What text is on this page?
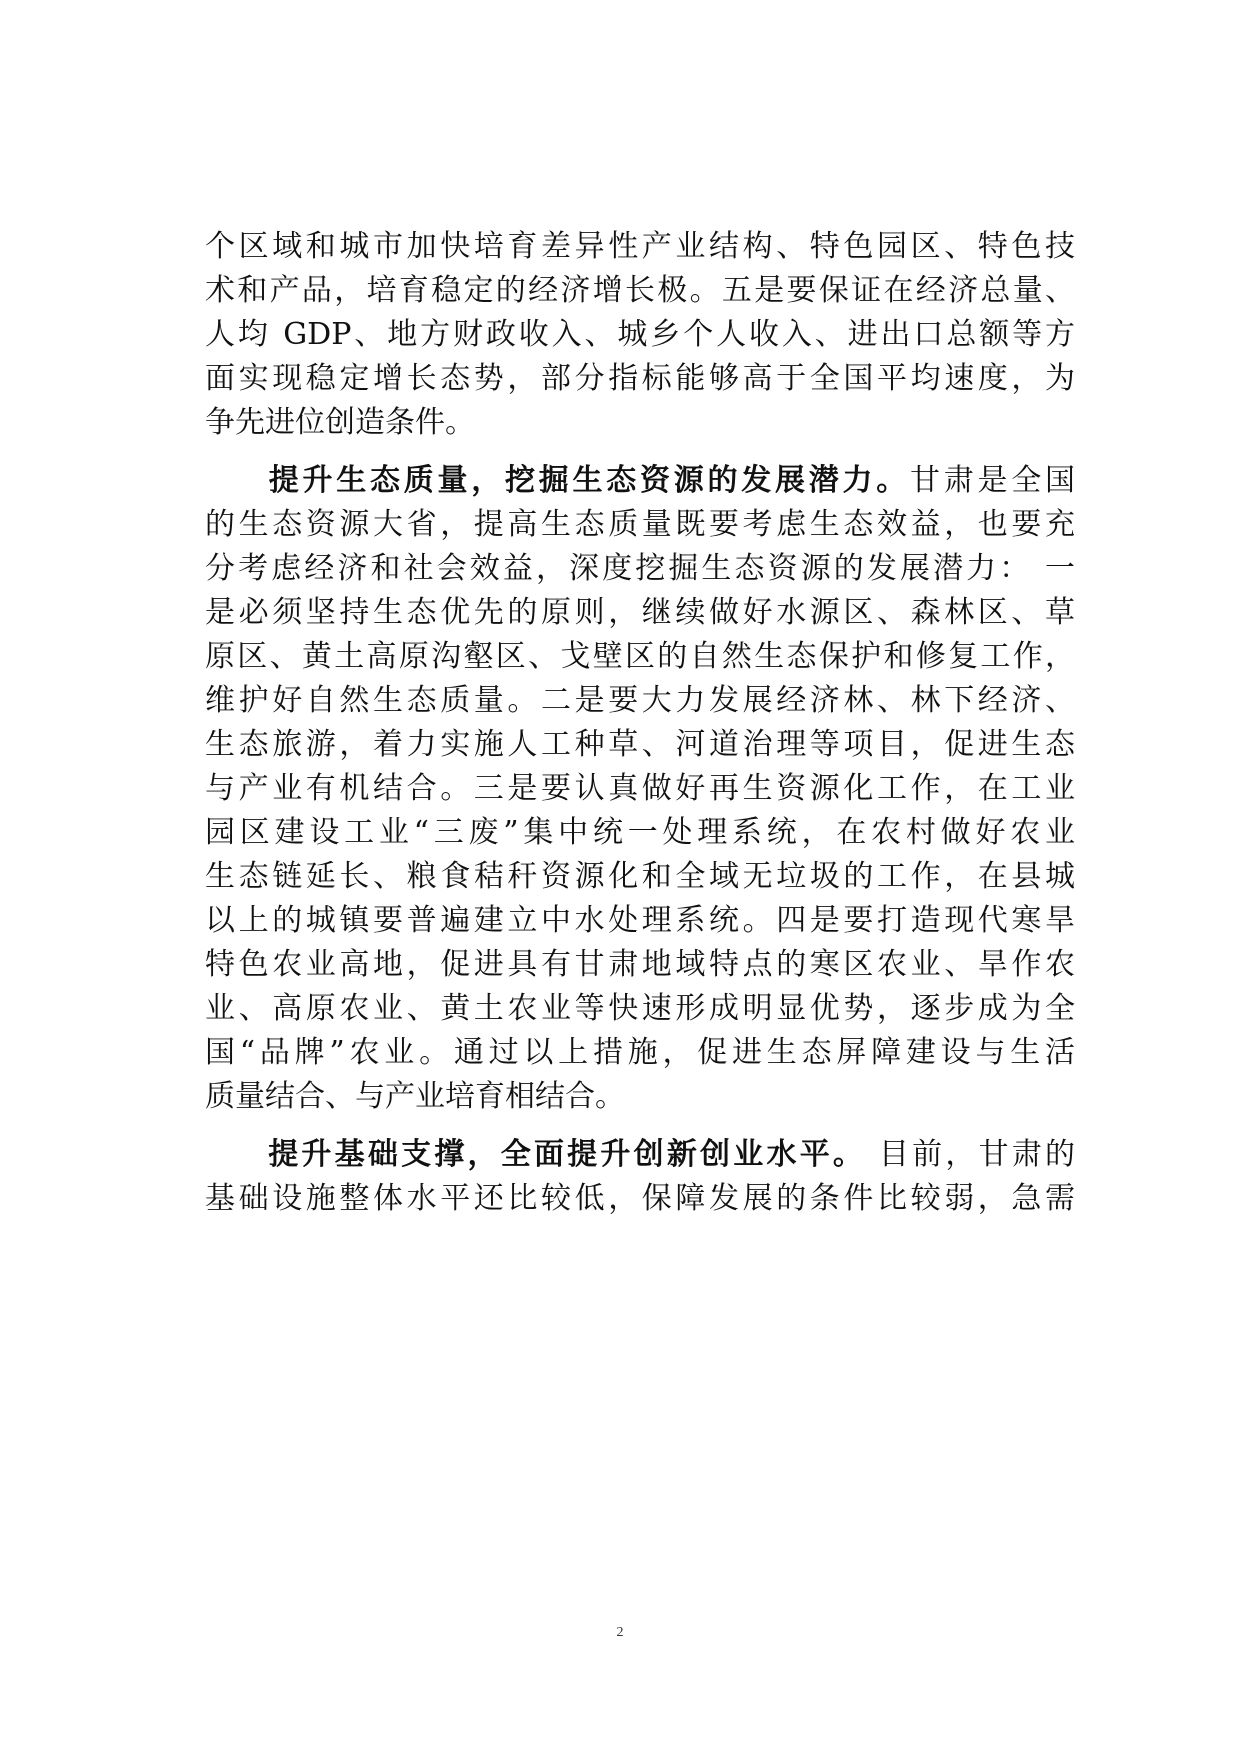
个区域和城市加快培育差异性产业结构、特色园区、特色技
术和产品，培育稳定的经济增长极。五是要保证在经济总量、
人均 GDP、地方财政收入、城乡个人收入、进出口总额等方
面实现稳定增长态势，部分指标能够高于全国平均速度，为
争先进位创造条件。
提升生态质量，挖掘生态资源的发展潜力。甘肃是全国
的生态资源大省，提高生态质量既要考虑生态效益，也要充
分考虑经济和社会效益，深度挖掘生态资源的发展潜力： 一
是必须坚持生态优先的原则，继续做好水源区、森林区、草
原区、黄土高原沟壑区、戈壁区的自然生态保护和修复工作，
维护好自然生态质量。二是要大力发展经济林、林下经济、
生态旅游，着力实施人工种草、河道治理等项目，促进生态
与产业有机结合。三是要认真做好再生资源化工作，在工业
园区建设工业“三废”集中统一处理系统，在农村做好农业
生态链延长、粮食秸秆资源化和全域无垃圾的工作，在县城
以上的城镇要普遍建立中水处理系统。四是要打造现代寒旱
特色农业高地，促进具有甘肃地域特点的寒区农业、旱作农
业、高原农业、黄土农业等快速形成明显优势，逐步成为全
国“品牌”农业。通过以上措施，促进生态屏障建设与生活
质量结合、与产业培育相结合。
提升基础支撑，全面提升创新创业水平。 目前，甘肃的
基础设施整体水平还比较低，保障发展的条件比较弱，急需
2
